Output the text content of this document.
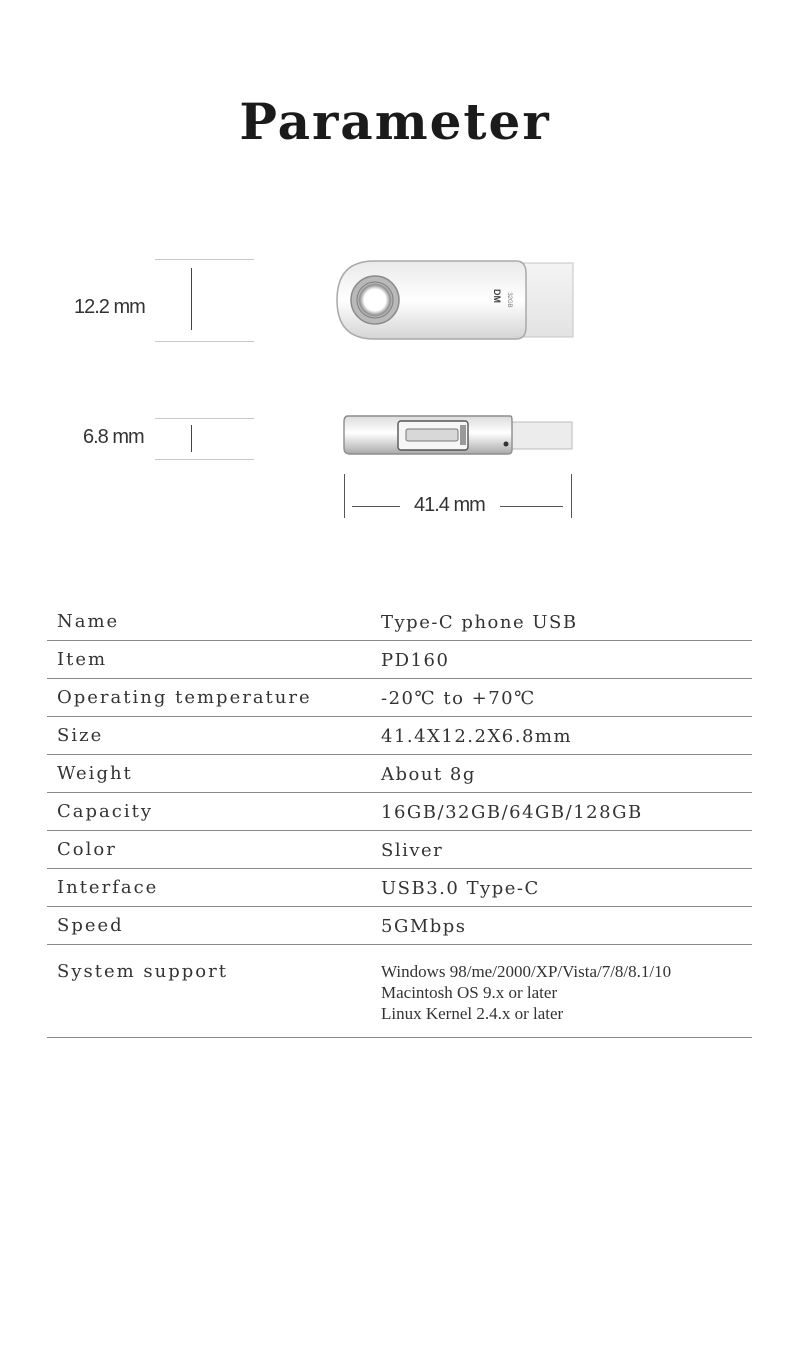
Parameter
12.2 mm
6.8 mm
41.4 mm
DM 32GB
Name	Type-C phone USB
Item	PD160
Operating temperature	-20℃ to +70℃
Size	41.4X12.2X6.8mm
Weight	About 8g
Capacity	16GB/32GB/64GB/128GB
Color	Sliver
Interface	USB3.0 Type-C
Speed	5GMbps
System support	Windows 98/me/2000/XP/Vista/7/8/8.1/10
Macintosh OS 9.x or later
Linux Kernel 2.4.x or later
